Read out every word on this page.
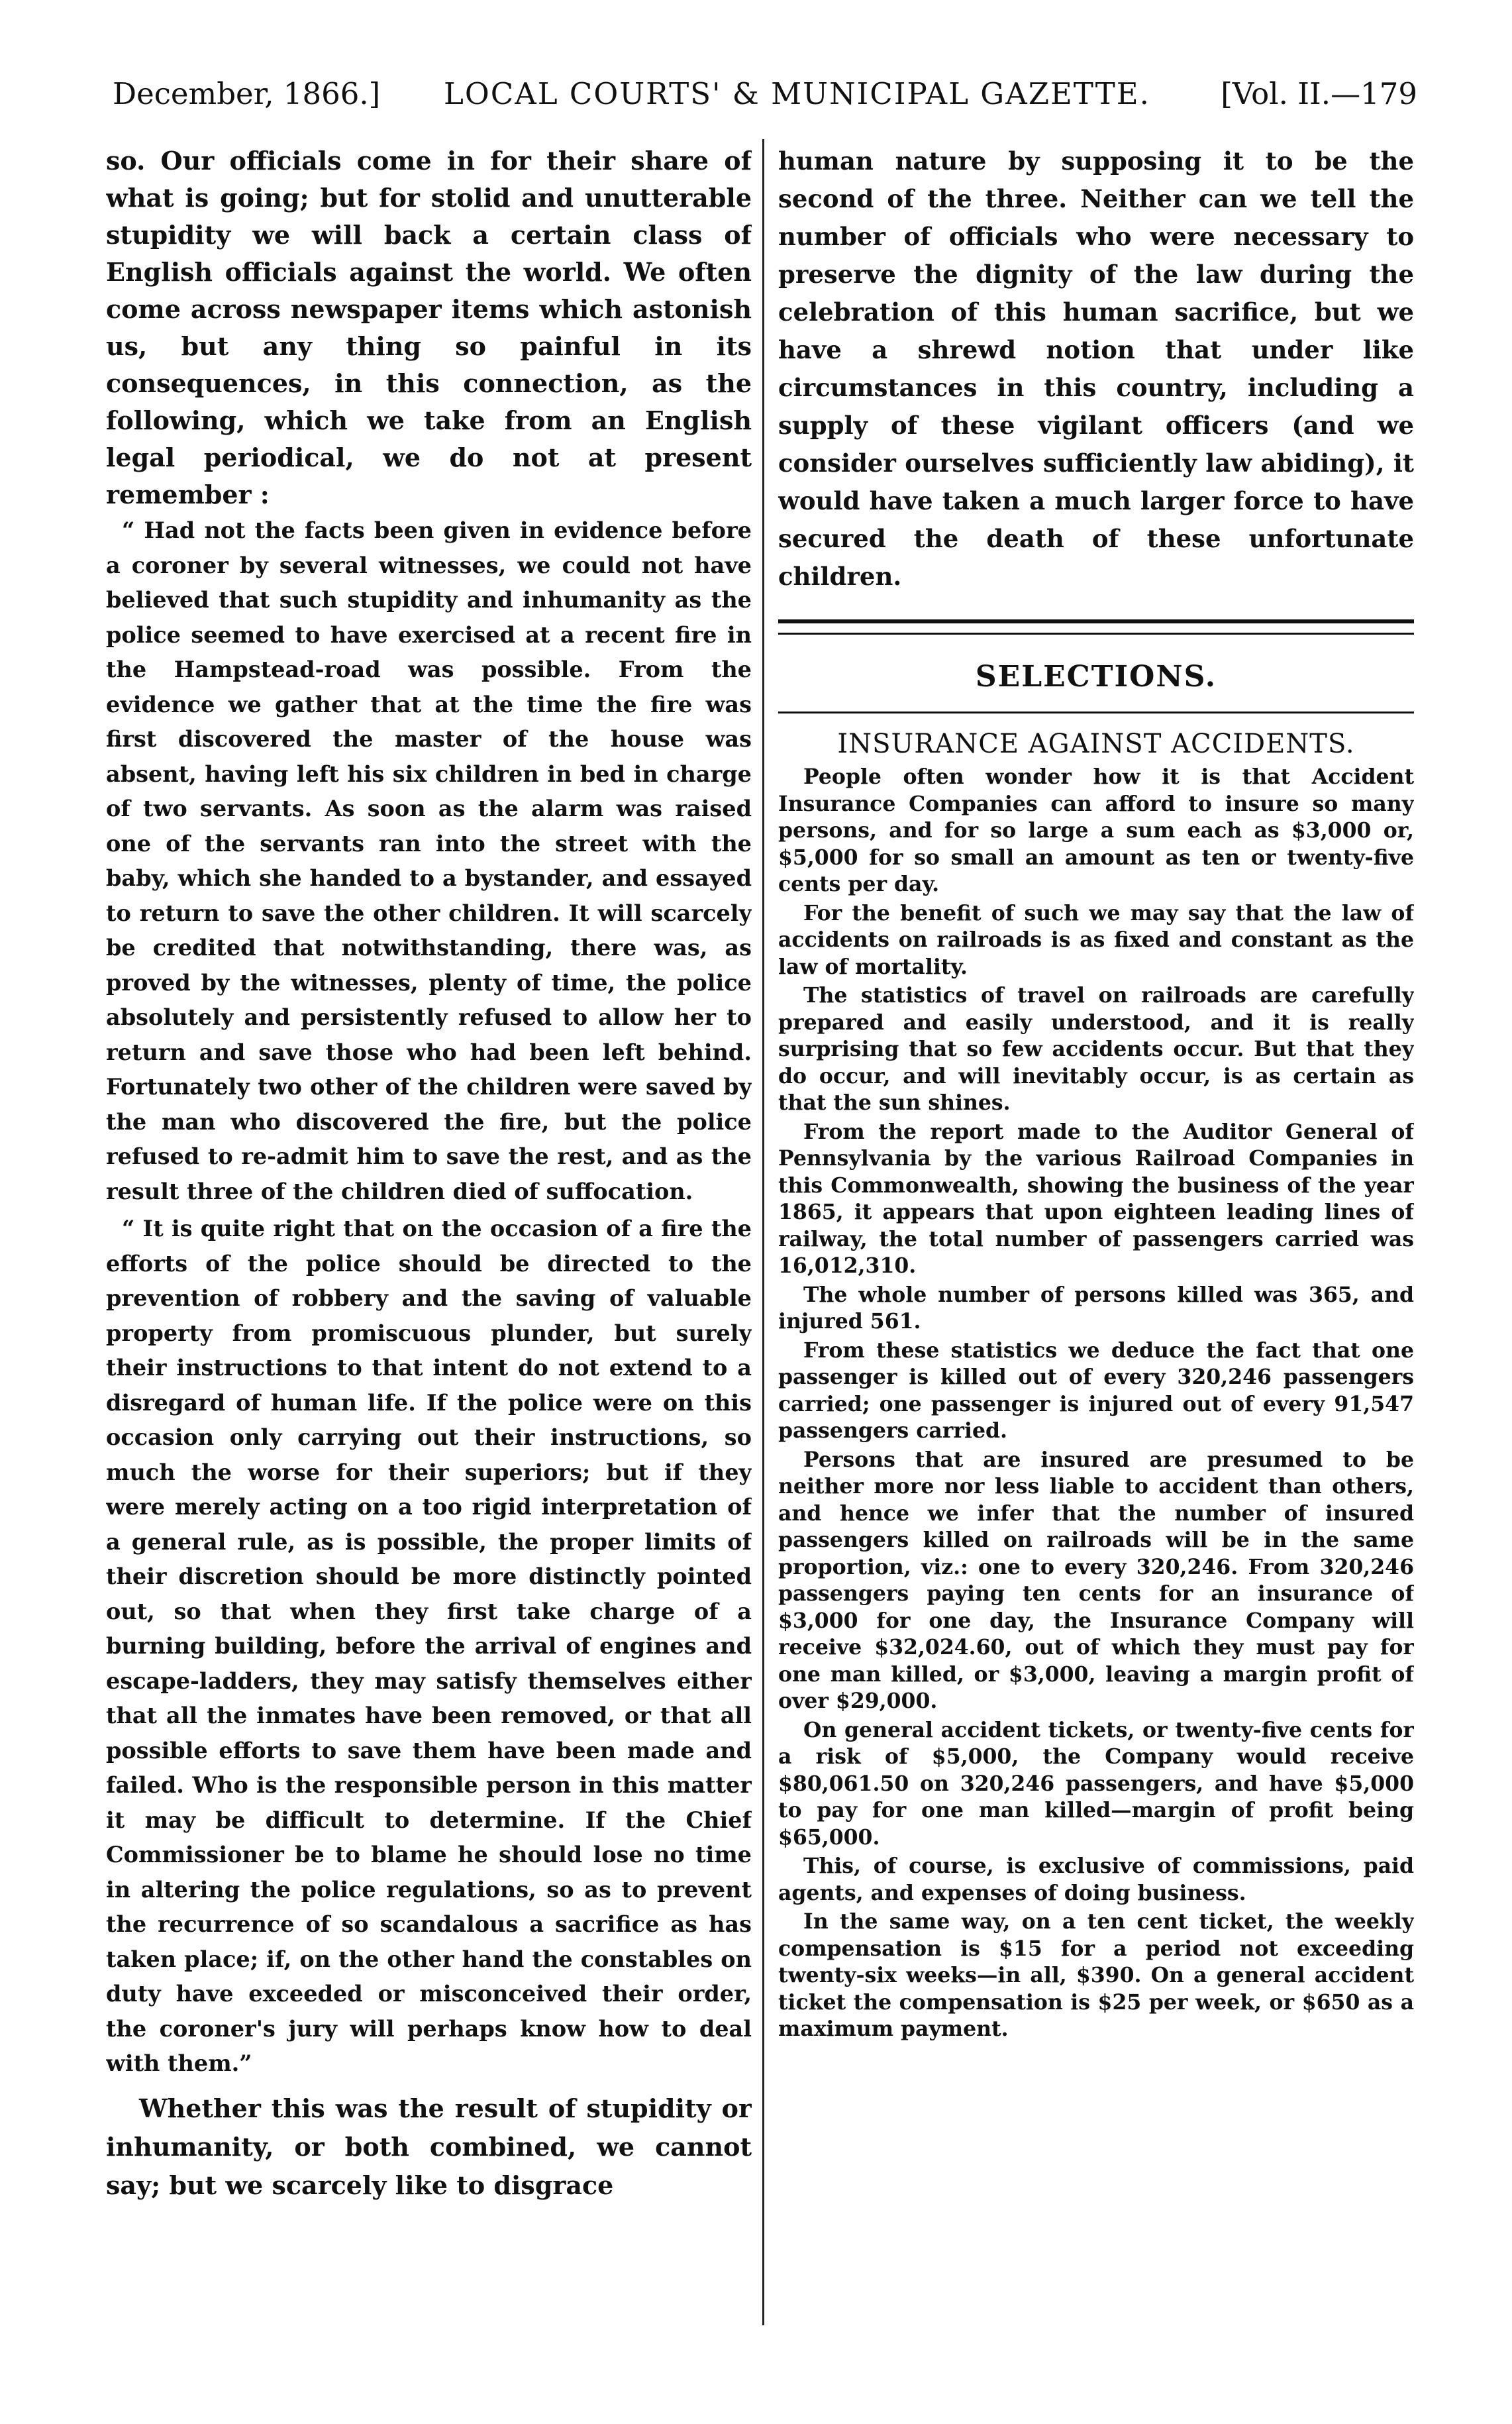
December, 1866.] LOCAL COURTS' & MUNICIPAL GAZETTE. [Vol. II.—179

so. Our officials come in for their share of what is going; but for stolid and unutterable stupidity we will back a certain class of English officials against the world. We often come across newspaper items which astonish us, but any thing so painful in its consequences, in this connection, as the following, which we take from an English legal periodical, we do not at present remember :

“ Had not the facts been given in evidence before a coroner by several witnesses, we could not have believed that such stupidity and inhumanity as the police seemed to have exercised at a recent fire in the Hampstead-road was possible. From the evidence we gather that at the time the fire was first discovered the master of the house was absent, having left his six children in bed in charge of two servants. As soon as the alarm was raised one of the servants ran into the street with the baby, which she handed to a bystander, and essayed to return to save the other children. It will scarcely be credited that notwithstanding, there was, as proved by the witnesses, plenty of time, the police absolutely and persistently refused to allow her to return and save those who had been left behind. Fortunately two other of the children were saved by the man who discovered the fire, but the police refused to re-admit him to save the rest, and as the result three of the children died of suffocation.

“ It is quite right that on the occasion of a fire the efforts of the police should be directed to the prevention of robbery and the saving of valuable property from promiscuous plunder, but surely their instructions to that intent do not extend to a disregard of human life. If the police were on this occasion only carrying out their instructions, so much the worse for their superiors; but if they were merely acting on a too rigid interpretation of a general rule, as is possible, the proper limits of their discretion should be more distinctly pointed out, so that when they first take charge of a burning building, before the arrival of engines and escape-ladders, they may satisfy themselves either that all the inmates have been removed, or that all possible efforts to save them have been made and failed. Who is the responsible person in this matter it may be difficult to determine. If the Chief Commissioner be to blame he should lose no time in altering the police regulations, so as to prevent the recurrence of so scandalous a sacrifice as has taken place; if, on the other hand the constables on duty have exceeded or misconceived their order, the coroner's jury will perhaps know how to deal with them.”

Whether this was the result of stupidity or inhumanity, or both combined, we cannot say; but we scarcely like to disgrace

human nature by supposing it to be the second of the three. Neither can we tell the number of officials who were necessary to preserve the dignity of the law during the celebration of this human sacrifice, but we have a shrewd notion that under like circumstances in this country, including a supply of these vigilant officers (and we consider ourselves sufficiently law abiding), it would have taken a much larger force to have secured the death of these unfortunate children.

SELECTIONS.
INSURANCE AGAINST ACCIDENTS.

People often wonder how it is that Accident Insurance Companies can afford to insure so many persons, and for so large a sum each as $3,000 or, $5,000 for so small an amount as ten or twenty-five cents per day.

For the benefit of such we may say that the law of accidents on railroads is as fixed and constant as the law of mortality.

The statistics of travel on railroads are carefully prepared and easily understood, and it is really surprising that so few accidents occur. But that they do occur, and will inevitably occur, is as certain as that the sun shines.

From the report made to the Auditor General of Pennsylvania by the various Railroad Companies in this Commonwealth, showing the business of the year 1865, it appears that upon eighteen leading lines of railway, the total number of passengers carried was 16,012,310.

The whole number of persons killed was 365, and injured 561.

From these statistics we deduce the fact that one passenger is killed out of every 320,246 passengers carried; one passenger is injured out of every 91,547 passengers carried.

Persons that are insured are presumed to be neither more nor less liable to accident than others, and hence we infer that the number of insured passengers killed on railroads will be in the same proportion, viz.: one to every 320,246. From 320,246 passengers paying ten cents for an insurance of $3,000 for one day, the Insurance Company will receive $32,024.60, out of which they must pay for one man killed, or $3,000, leaving a margin profit of over $29,000.

On general accident tickets, or twenty-five cents for a risk of $5,000, the Company would receive $80,061.50 on 320,246 passengers, and have $5,000 to pay for one man killed—margin of profit being $65,000.

This, of course, is exclusive of commissions, paid agents, and expenses of doing business.

In the same way, on a ten cent ticket, the weekly compensation is $15 for a period not exceeding twenty-six weeks—in all, $390. On a general accident ticket the compensation is $25 per week, or $650 as a maximum payment.
